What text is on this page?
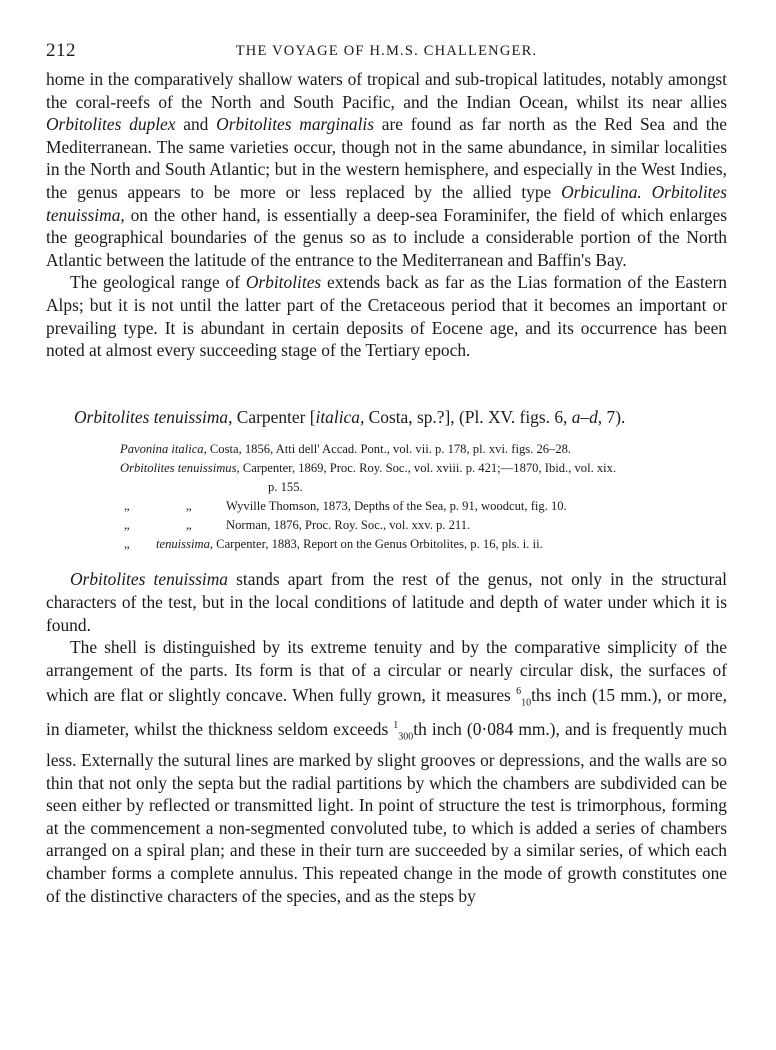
212	THE VOYAGE OF H.M.S. CHALLENGER.

home in the comparatively shallow waters of tropical and sub-tropical latitudes, notably amongst the coral-reefs of the North and South Pacific, and the Indian Ocean, whilst its near allies Orbitolites duplex and Orbitolites marginalis are found as far north as the Red Sea and the Mediterranean. The same varieties occur, though not in the same abundance, in similar localities in the North and South Atlantic; but in the western hemisphere, and especially in the West Indies, the genus appears to be more or less replaced by the allied type Orbiculina. Orbitolites tenuissima, on the other hand, is essentially a deep-sea Foraminifer, the field of which enlarges the geographical boundaries of the genus so as to include a considerable portion of the North Atlantic between the latitude of the entrance to the Mediterranean and Baffin's Bay.

The geological range of Orbitolites extends back as far as the Lias formation of the Eastern Alps; but it is not until the latter part of the Cretaceous period that it becomes an important or prevailing type. It is abundant in certain deposits of Eocene age, and its occurrence has been noted at almost every succeeding stage of the Tertiary epoch.

Orbitolites tenuissima, Carpenter [italica, Costa, sp.?], (Pl. XV. figs. 6, a–d, 7).

Pavonina italica, Costa, 1856, Atti dell' Accad. Pont., vol. vii. p. 178, pl. xvi. figs. 26–28.
Orbitolites tenuissimus, Carpenter, 1869, Proc. Roy. Soc., vol. xviii. p. 421;—1870, Ibid., vol. xix.
p. 155.
„	„	Wyville Thomson, 1873, Depths of the Sea, p. 91, woodcut, fig. 10.
„	„	Norman, 1876, Proc. Roy. Soc., vol. xxv. p. 211.
„	tenuissima, Carpenter, 1883, Report on the Genus Orbitolites, p. 16, pls. i. ii.

Orbitolites tenuissima stands apart from the rest of the genus, not only in the structural characters of the test, but in the local conditions of latitude and depth of water under which it is found.

The shell is distinguished by its extreme tenuity and by the comparative simplicity of the arrangement of the parts. Its form is that of a circular or nearly circular disk, the surfaces of which are flat or slightly concave. When fully grown, it measures $^6_{10}$ths inch (15 mm.), or more, in diameter, whilst the thickness seldom exceeds $^1_{300}$th inch (0·084 mm.), and is frequently much less. Externally the sutural lines are marked by slight grooves or depressions, and the walls are so thin that not only the septa but the radial partitions by which the chambers are subdivided can be seen either by reflected or transmitted light. In point of structure the test is trimorphous, forming at the commencement a non-segmented convoluted tube, to which is added a series of chambers arranged on a spiral plan; and these in their turn are succeeded by a similar series, of which each chamber forms a complete annulus. This repeated change in the mode of growth constitutes one of the distinctive characters of the species, and as the steps by
